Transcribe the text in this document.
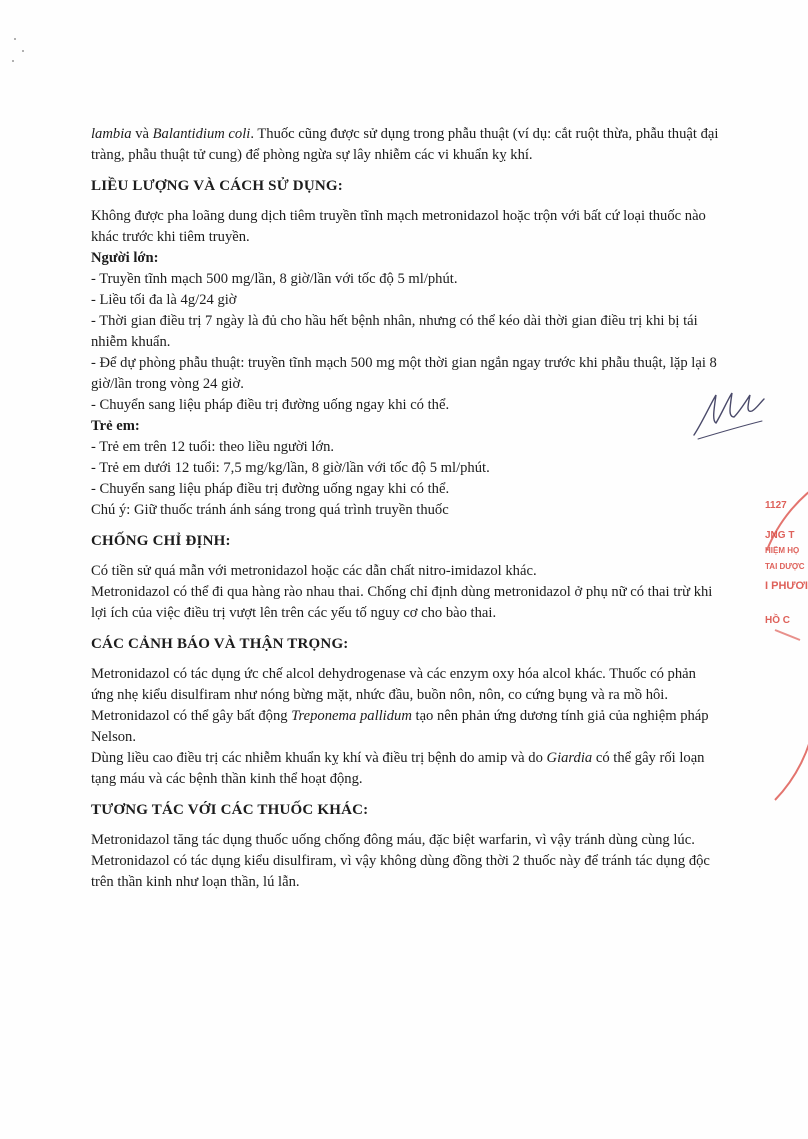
lambia và Balantidium coli. Thuốc cũng được sử dụng trong phẫu thuật (ví dụ: cắt ruột thừa, phẫu thuật đại tràng, phẫu thuật tử cung) để phòng ngừa sự lây nhiễm các vi khuẩn kỵ khí.

LIỀU LƯỢNG VÀ CÁCH SỬ DỤNG:

Không được pha loãng dung dịch tiêm truyền tĩnh mạch metronidazol hoặc trộn với bất cứ loại thuốc nào khác trước khi tiêm truyền.

Người lớn:

- Truyền tĩnh mạch 500 mg/lần, 8 giờ/lần với tốc độ 5 ml/phút.

- Liều tối đa là 4g/24 giờ

- Thời gian điều trị 7 ngày là đủ cho hầu hết bệnh nhân, nhưng có thể kéo dài thời gian điều trị khi bị tái nhiễm khuẩn.

- Để dự phòng phẫu thuật: truyền tĩnh mạch 500 mg một thời gian ngắn ngay trước khi phẫu thuật, lặp lại 8 giờ/lần trong vòng 24 giờ.

- Chuyển sang liệu pháp điều trị đường uống ngay khi có thể.

Trẻ em:

- Trẻ em trên 12 tuổi: theo liều người lớn.

- Trẻ em dưới 12 tuổi: 7,5 mg/kg/lần, 8 giờ/lần với tốc độ 5 ml/phút.

- Chuyển sang liệu pháp điều trị đường uống ngay khi có thể.

Chú ý: Giữ thuốc tránh ánh sáng trong quá trình truyền thuốc

CHỐNG CHỈ ĐỊNH:

Có tiền sử quá mẫn với metronidazol hoặc các dẫn chất nitro-imidazol khác.

Metronidazol có thể đi qua hàng rào nhau thai. Chống chỉ định dùng metronidazol ở phụ nữ có thai trừ khi lợi ích của việc điều trị vượt lên trên các yếu tố nguy cơ cho bào thai.

CÁC CẢNH BÁO VÀ THẬN TRỌNG:

Metronidazol có tác dụng ức chế alcol dehydrogenase và các enzym oxy hóa alcol khác. Thuốc có phản ứng nhẹ kiểu disulfiram như nóng bừng mặt, nhức đầu, buồn nôn, nôn, co cứng bụng và ra mồ hôi.

Metronidazol có thể gây bất động Treponema pallidum tạo nên phản ứng dương tính giả của nghiệm pháp Nelson.

Dùng liều cao điều trị các nhiễm khuẩn kỵ khí và điều trị bệnh do amip và do Giardia có thể gây rối loạn tạng máu và các bệnh thần kinh thể hoạt động.

TƯƠNG TÁC VỚI CÁC THUỐC KHÁC:

Metronidazol tăng tác dụng thuốc uống chống đông máu, đặc biệt warfarin, vì vậy tránh dùng cùng lúc.

Metronidazol có tác dụng kiểu disulfiram, vì vậy không dùng đồng thời 2 thuốc này để tránh tác dụng độc trên thần kinh như loạn thần, lú lẫn.

1127
JNG T
HIỆM HỌ
TAI DƯỢC
I PHƯƠI
HỒ C
